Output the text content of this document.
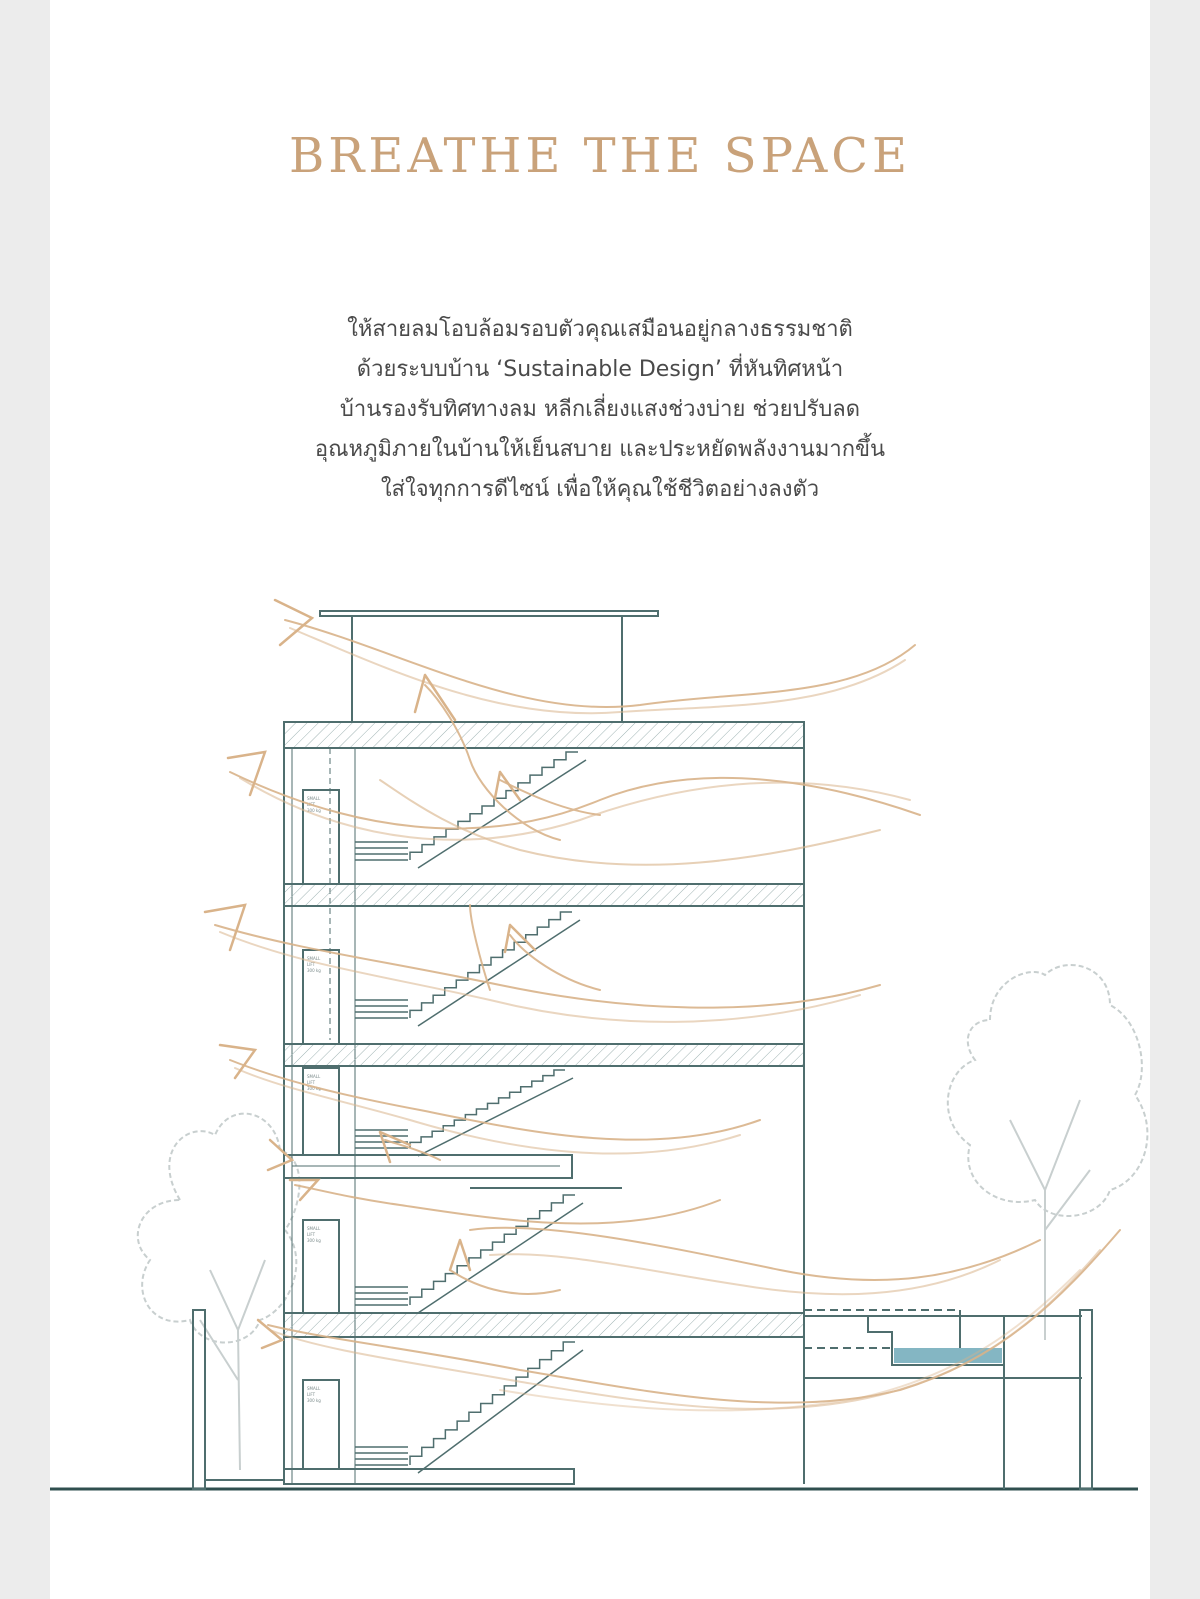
BREATHE THE SPACE
ให้สายลมโอบล้อมรอบตัวคุณเสมือนอยู่กลางธรรมชาติ
ด้วยระบบบ้าน ‘Sustainable Design’ ที่หันทิศหน้า
บ้านรองรับทิศทางลม หลีกเลี่ยงแสงช่วงบ่าย ช่วยปรับลด
อุณหภูมิภายในบ้านให้เย็นสบาย และประหยัดพลังงานมากขึ้น
ใส่ใจทุกการดีไซน์ เพื่อให้คุณใช้ชีวิตอย่างลงตัว
SMALL
LIFT
300 kg
SMALL
LIFT
300 kg
SMALL
LIFT
300 kg
SMALL
LIFT
300 kg
SMALL
LIFT
300 kg
